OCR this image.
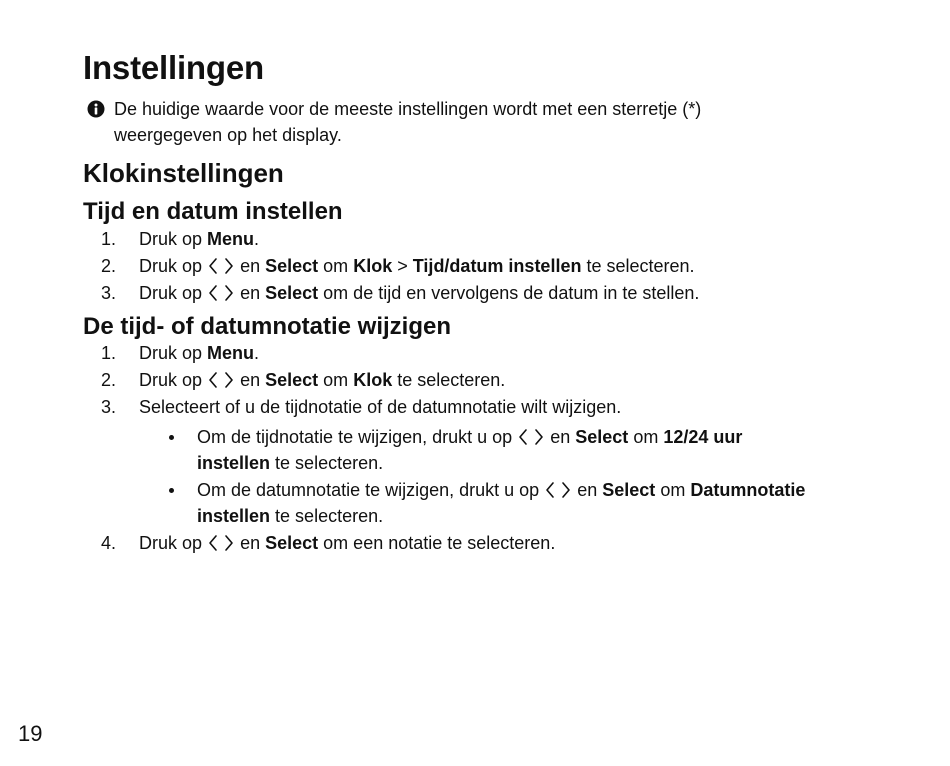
Instellingen
De huidige waarde voor de meeste instellingen wordt met een sterretje (*) weergegeven op het display.
Klokinstellingen
Tijd en datum instellen
1. Druk op Menu.
2. Druk op en Select om Klok > Tijd/datum instellen te selecteren.
3. Druk op en Select om de tijd en vervolgens de datum in te stellen.
De tijd- of datumnotatie wijzigen
1. Druk op Menu.
2. Druk op en Select om Klok te selecteren.
3. Selecteert of u de tijdnotatie of de datumnotatie wilt wijzigen.
Om de tijdnotatie te wijzigen, drukt u op en Select om 12/24 uur instellen te selecteren.
Om de datumnotatie te wijzigen, drukt u op en Select om Datumnotatie instellen te selecteren.
4. Druk op en Select om een notatie te selecteren.
19
